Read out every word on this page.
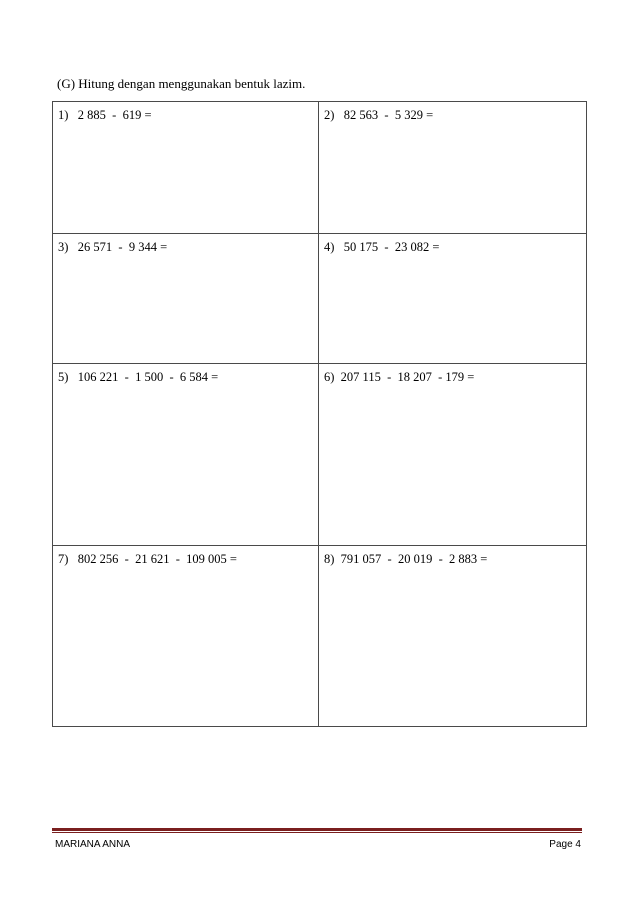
(G) Hitung dengan menggunakan bentuk lazim.
1)   2 885  -  619 =	2)   82 563  -  5 329 =

3)   26 571  -  9 344 =	4)   50 175  -  23 082 =

5)   106 221  -  1 500  -  6 584 =	6)  207 115  -  18 207  - 179 =

7)   802 256  -  21 621  -  109 005 =	8)  791 057  -  20 019  -  2 883 =
MARIANA ANNA	Page 4
